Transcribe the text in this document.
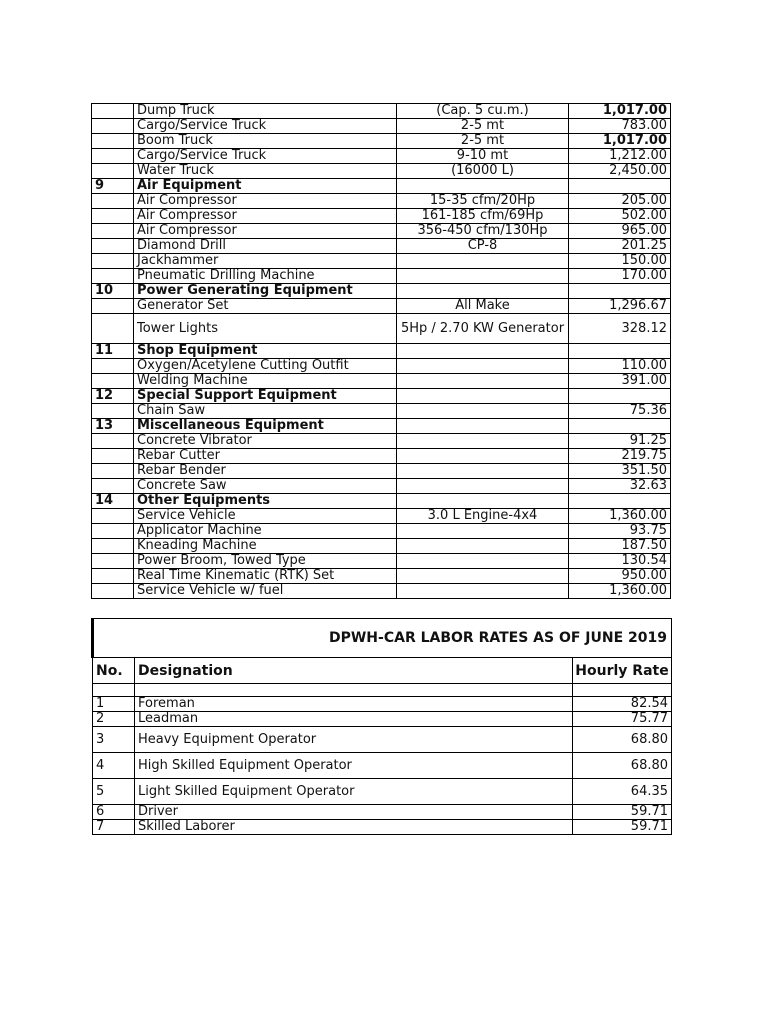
	Dump Truck	(Cap. 5 cu.m.)	1,017.00
	Cargo/Service Truck	2-5 mt	783.00
	Boom Truck	2-5 mt	1,017.00
	Cargo/Service Truck	9-10 mt	1,212.00
	Water Truck	(16000 L)	2,450.00
9	Air Equipment		
	Air Compressor	15-35 cfm/20Hp	205.00
	Air Compressor	161-185 cfm/69Hp	502.00
	Air Compressor	356-450 cfm/130Hp	965.00
	Diamond Drill	CP-8	201.25
	Jackhammer		150.00
	Pneumatic Drilling Machine		170.00
10	Power Generating Equipment		
	Generator Set	All Make	1,296.67
	Tower Lights	5Hp / 2.70 KW Generator	328.12
11	Shop Equipment		
	Oxygen/Acetylene Cutting Outfit		110.00
	Welding Machine		391.00
12	Special Support Equipment		
	Chain Saw		75.36
13	Miscellaneous Equipment		
	Concrete Vibrator		91.25
	Rebar Cutter		219.75
	Rebar Bender		351.50
	Concrete Saw		32.63
14	Other Equipments		
	Service Vehicle	3.0 L Engine-4x4	1,360.00
	Applicator Machine		93.75
	Kneading Machine		187.50
	Power Broom, Towed Type		130.54
	Real Time Kinematic (RTK) Set		950.00
	Service Vehicle w/ fuel		1,360.00
DPWH-CAR LABOR RATES AS OF JUNE 2019		
No.	Designation	Hourly Rate

1	Foreman	82.54
2	Leadman	75.77
3	Heavy Equipment Operator	68.80
4	High Skilled Equipment Operator	68.80
5	Light Skilled Equipment Operator	64.35
6	Driver	59.71
7	Skilled Laborer	59.71
